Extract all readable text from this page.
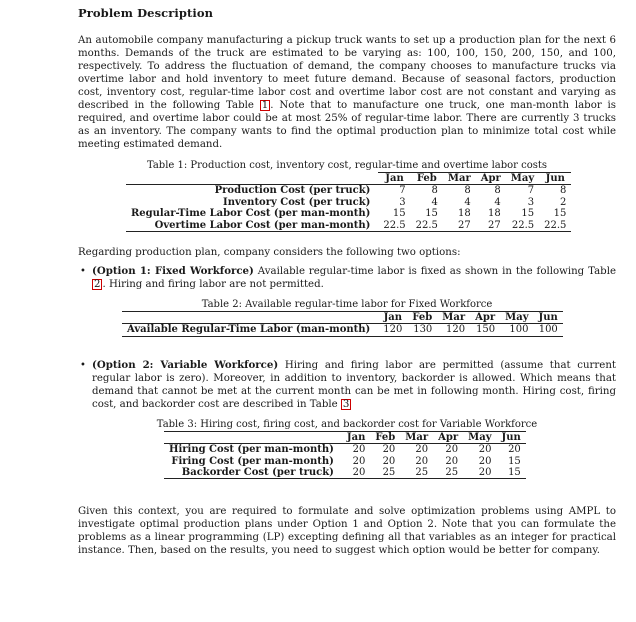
Problem Description

An automobile company manufacturing a pickup truck wants to set up a production plan for the next 6 months. Demands of the truck are estimated to be varying as: 100, 100, 150, 200, 150, and 100, respectively. To address the fluctuation of demand, the company chooses to manufacture trucks via overtime labor and hold inventory to meet future demand. Because of seasonal factors, production cost, inventory cost, regular-time labor cost and overtime labor cost are not constant and varying as described in the following Table 1 . Note that to manufacture one truck, one man-month labor is required, and overtime labor could be at most 25% of regular-time labor. There are currently 3 trucks as an inventory. The company wants to find the optimal production plan to minimize total cost while meeting estimated demand.

Table 1: Production cost, inventory cost, regular-time and overtime labor costs
	Jan	Feb	Mar	Apr	May	Jun
Production Cost (per truck)	7	8	8	8	7	8
Inventory Cost (per truck)	3	4	4	4	3	2
Regular-Time Labor Cost (per man-month)	15	15	18	18	15	15
Overtime Labor Cost (per man-month)	22.5	22.5	27	27	22.5	22.5

Regarding production plan, company considers the following two options:

• (Option 1: Fixed Workforce) Available regular-time labor is fixed as shown in the following Table 2 . Hiring and firing labor are not permitted.
Table 2: Available regular-time labor for Fixed Workforce
	Jan	Feb	Mar	Apr	May	Jun
Available Regular-Time Labor (man-month)	120	130	120	150	100	100
• (Option 2: Variable Workforce) Hiring and firing labor are permitted (assume that current regular labor is zero). Moreover, in addition to inventory, backorder is allowed. Which means that demand that cannot be met at the current month can be met in following month. Hiring cost, firing cost, and backorder cost are described in Table 3
Table 3: Hiring cost, firing cost, and backorder cost for Variable Workforce
	Jan	Feb	Mar	Apr	May	Jun
Hiring Cost (per man-month)	20	20	20	20	20	20
Firing Cost (per man-month)	20	20	20	20	20	15
Backorder Cost (per truck)	20	25	25	25	20	15

Given this context, you are required to formulate and solve optimization problems using AMPL to investigate optimal production plans under Option 1 and Option 2. Note that you can formulate the problems as a linear programming (LP) excepting defining all that variables as an integer for practical instance. Then, based on the results, you need to suggest which option would be better for company.
